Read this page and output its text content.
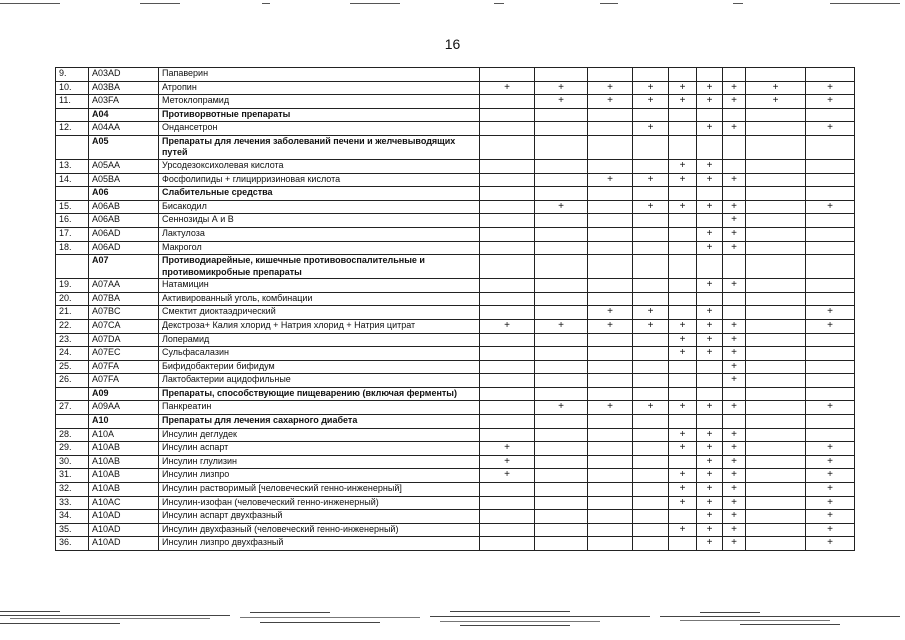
16
9.	A03AD	Папаверин										
10.	A03BA	Атропин	+	+	+	+	+	+	+	+	+	
11.	A03FA	Метоклопрамид		+	+	+	+	+	+	+	+	
	A04	Противорвотные препараты										
12.	A04AA	Ондансетрон				+		+	+		+	
	A05	Препараты для лечения заболеваний печени и желчевыводящих путей										
13.	A05AA	Урсодезоксихолевая кислота					+	+				
14.	A05BA	Фосфолипиды + глицирризиновая кислота			+	+	+	+	+			
	A06	Слабительные средства										
15.	A06AB	Бисакодил		+		+	+	+	+		+	
16.	A06AB	Сеннозиды А и В							+			
17.	A06AD	Лактулоза						+	+			
18.	A06AD	Макрогол						+	+			
	A07	Противодиарейные, кишечные противовоспалительные и противомикробные препараты										
19.	A07AA	Натамицин						+	+			
20.	A07BA	Активированный уголь, комбинации										
21.	A07BC	Смектит диоктаэдрический			+	+		+			+	
22.	A07CA	Декстроза+ Калия хлорид + Натрия хлорид + Натрия цитрат	+	+	+	+	+	+	+		+	
23.	A07DA	Лоперамид					+	+	+			
24.	A07EC	Сульфасалазин					+	+	+			
25.	A07FA	Бифидобактерии бифидум							+			
26.	A07FA	Лактобактерии ацидофильные							+			
	A09	Препараты, способствующие пищеварению (включая ферменты)										
27.	A09AA	Панкреатин		+	+	+	+	+	+		+	
	A10	Препараты для лечения сахарного диабета										
28.	A10A	Инсулин деглудек					+	+	+			
29.	A10AB	Инсулин аспарт	+				+	+	+		+	
30.	A10AB	Инсулин глулизин	+					+	+		+	
31.	A10AB	Инсулин лизпро	+				+	+	+		+	
32.	A10AB	Инсулин растворимый [человеческий генно-инженерный]					+	+	+		+	
33.	A10AC	Инсулин-изофан (человеческий генно-инженерный)					+	+	+		+	
34.	A10AD	Инсулин аспарт двухфазный						+	+		+	
35.	A10AD	Инсулин двухфазный (человеческий генно-инженерный)					+	+	+		+	
36.	A10AD	Инсулин лизпро двухфазный						+	+		+	
